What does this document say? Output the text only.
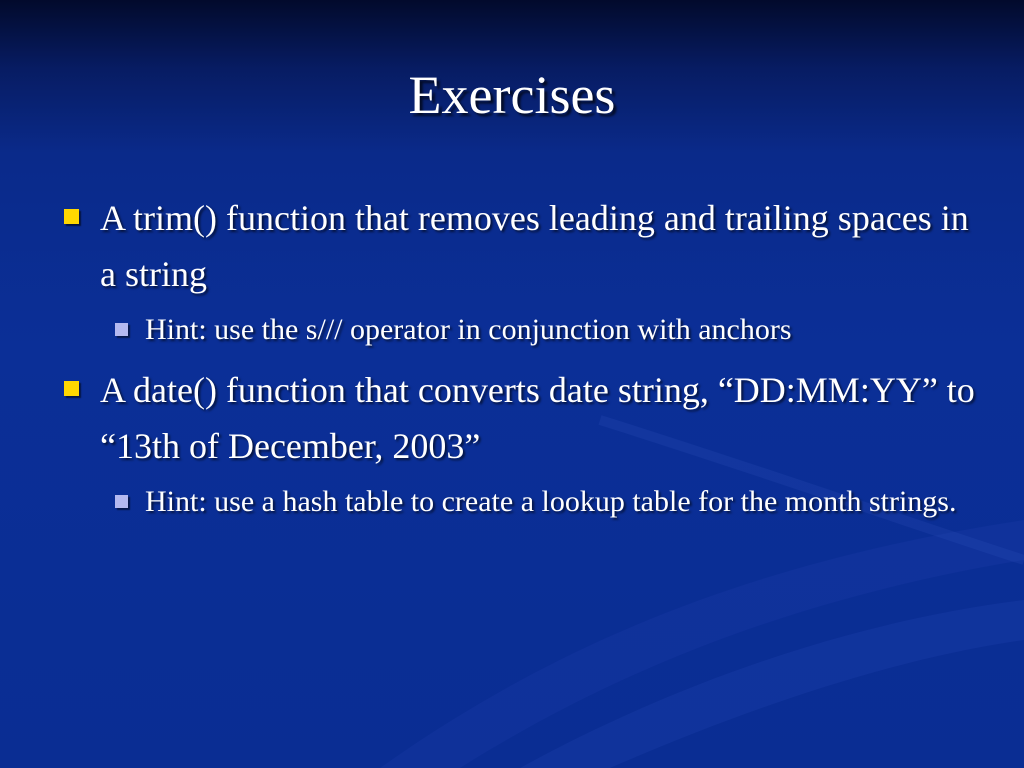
Exercises
A trim() function that removes leading and trailing spaces in a string
Hint: use the s/// operator in conjunction with anchors
A date() function that converts date string, “DD:MM:YY” to “13th of December, 2003”
Hint: use a hash table to create a lookup table for the month strings.
